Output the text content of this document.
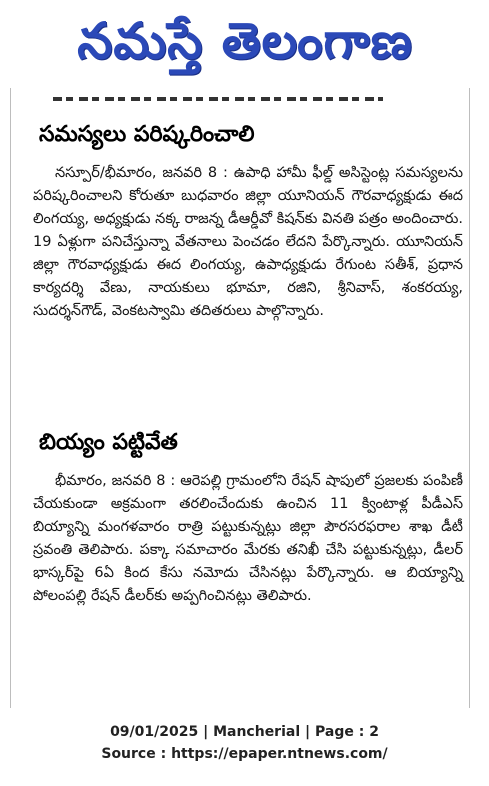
నమస్తే తెలంగాణ
సమస్యలు పరిష్కరించాలి
నస్పూర్/భీమారం, జనవరి 8 : ఉపాధి హామీ ఫీల్డ్ అసిస్టెంట్ల సమస్యలను పరిష్కరించాలని కోరుతూ బుధవారం జిల్లా యూనియన్ గౌరవాధ్యక్షుడు ఈద లింగయ్య, అధ్యక్షుడు నక్క రాజన్న డీఆర్డీవో కిషన్‌కు వినతి పత్రం అందించారు. 19 ఏళ్లుగా పనిచేస్తున్నా వేతనాలు పెంచడం లేదని పేర్కొన్నారు. యూనియన్ జిల్లా గౌరవాధ్యక్షుడు ఈద లింగయ్య, ఉపాధ్యక్షుడు రేగుంట సతీశ్, ప్రధాన కార్యదర్శి వేణు, నాయకులు భూమా, రజిని, శ్రీనివాస్, శంకరయ్య, సుదర్శన్‌గౌడ్, వెంకటస్వామి తదితరులు పాల్గొన్నారు.
బియ్యం పట్టివేత
భీమారం, జనవరి 8 : ఆరెపల్లి గ్రామంలోని రేషన్ షాపులో ప్రజలకు పంపిణీ చేయకుండా అక్రమంగా తరలించేందుకు ఉంచిన 11 క్వింటాళ్ల పీడీఎస్ బియ్యాన్ని మంగళవారం రాత్రి పట్టుకున్నట్లు జిల్లా పౌరసరఫరాల శాఖ డీటీ స్రవంతి తెలిపారు. పక్కా సమాచారం మేరకు తనిఖీ చేసి పట్టుకున్నట్లు, డీలర్ భాస్కర్‌పై 6ఏ కింద కేసు నమోదు చేసినట్లు పేర్కొన్నారు. ఆ బియ్యాన్ని పోలంపల్లి రేషన్ డీలర్‌కు అప్పగించినట్లు తెలిపారు.
09/01/2025 | Mancherial | Page : 2
Source : https://epaper.ntnews.com/
